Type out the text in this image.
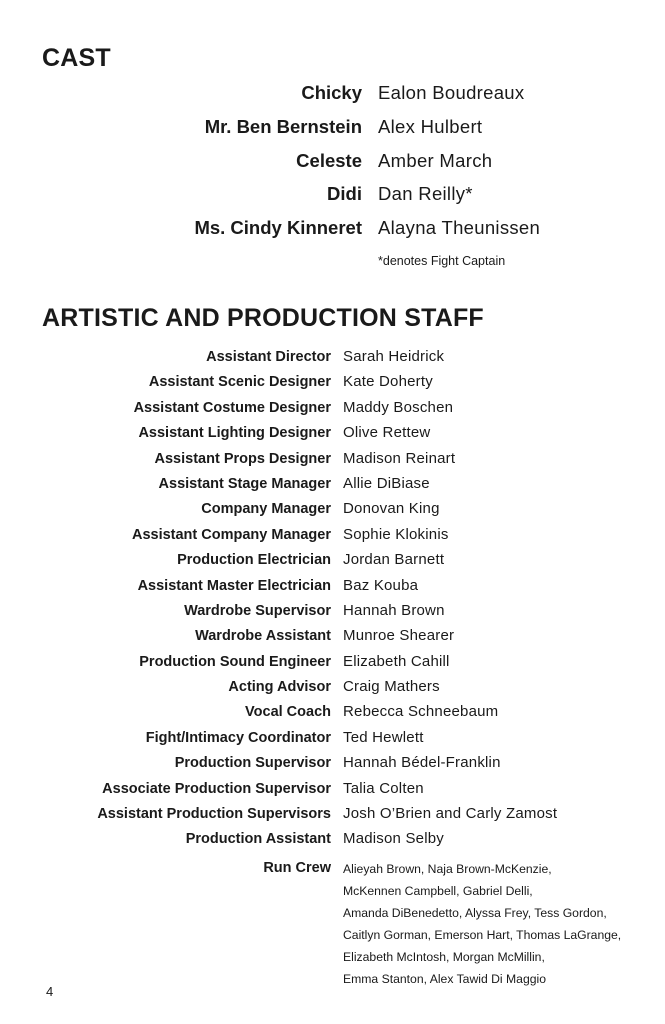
CAST
Chicky Ealon Boudreaux
Mr. Ben Bernstein Alex Hulbert
Celeste Amber March
Didi Dan Reilly*
Ms. Cindy Kinneret Alayna Theunissen
*denotes Fight Captain
ARTISTIC AND PRODUCTION STAFF
Assistant Director Sarah Heidrick
Assistant Scenic Designer Kate Doherty
Assistant Costume Designer Maddy Boschen
Assistant Lighting Designer Olive Rettew
Assistant Props Designer Madison Reinart
Assistant Stage Manager Allie DiBiase
Company Manager Donovan King
Assistant Company Manager Sophie Klokinis
Production Electrician Jordan Barnett
Assistant Master Electrician Baz Kouba
Wardrobe Supervisor Hannah Brown
Wardrobe Assistant Munroe Shearer
Production Sound Engineer Elizabeth Cahill
Acting Advisor Craig Mathers
Vocal Coach Rebecca Schneebaum
Fight/Intimacy Coordinator Ted Hewlett
Production Supervisor Hannah Bédel-Franklin
Associate Production Supervisor Talia Colten
Assistant Production Supervisors Josh O’Brien and Carly Zamost
Production Assistant Madison Selby
Run Crew Alieyah Brown, Naja Brown-McKenzie,
McKennen Campbell, Gabriel Delli,
Amanda DiBenedetto, Alyssa Frey, Tess Gordon,
Caitlyn Gorman, Emerson Hart, Thomas LaGrange,
Elizabeth McIntosh, Morgan McMillin,
Emma Stanton, Alex Tawid Di Maggio
4
